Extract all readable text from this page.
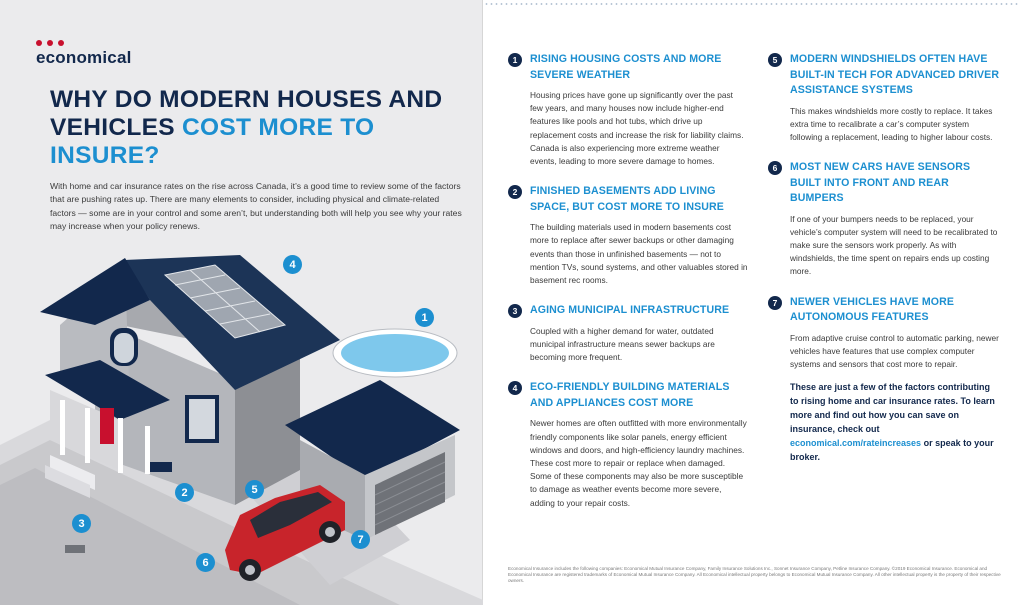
economical
WHY DO MODERN HOUSES AND VEHICLES COST MORE TO INSURE?

With home and car insurance rates on the rise across Canada, it’s a good time to review some of the factors that are pushing rates up. There are many elements to consider, including physical and climate-related factors — some are in your control and some aren’t, but understanding both will help you see why your rates may increase when your policy renews.

4
1
2	5
3
6
7
1	RISING HOUSING COSTS AND MORE SEVERE WEATHER
Housing prices have gone up significantly over the past few years, and many houses now include higher-end features like pools and hot tubs, which drive up replacement costs and increase the risk for liability claims. Canada is also experiencing more extreme weather events, leading to more severe damage to homes.
2	FINISHED BASEMENTS ADD LIVING SPACE, BUT COST MORE TO INSURE
The building materials used in modern basements cost more to replace after sewer backups or other damaging events than those in unfinished basements — not to mention TVs, sound systems, and other valuables stored in basement rec rooms.
3	AGING MUNICIPAL INFRASTRUCTURE
Coupled with a higher demand for water, outdated municipal infrastructure means sewer backups are becoming more frequent.
4	ECO-FRIENDLY BUILDING MATERIALS AND APPLIANCES COST MORE
Newer homes are often outfitted with more environmentally friendly components like solar panels, energy efficient windows and doors, and high-efficiency laundry machines. These cost more to repair or replace when damaged. Some of these components may also be more susceptible to damage as weather events become more severe, adding to your repair costs.
5	MODERN WINDSHIELDS OFTEN HAVE BUILT-IN TECH FOR ADVANCED DRIVER ASSISTANCE SYSTEMS
This makes windshields more costly to replace. It takes extra time to recalibrate a car’s computer system following a replacement, leading to higher labour costs.
6	MOST NEW CARS HAVE SENSORS BUILT INTO FRONT AND REAR BUMPERS
If one of your bumpers needs to be replaced, your vehicle’s computer system will need to be recalibrated to make sure the sensors work properly. As with windshields, the time spent on repairs ends up costing more.
7	NEWER VEHICLES HAVE MORE AUTONOMOUS FEATURES
From adaptive cruise control to automatic parking, newer vehicles have features that use complex computer systems and sensors that cost more to repair.

These are just a few of the factors contributing to rising home and car insurance rates. To learn more and find out how you can save on insurance, check out economical.com/rateincreases or speak to your broker.

Economical Insurance includes the following companies: Economical Mutual Insurance Company, Family Insurance Solutions Inc., Sonnet Insurance Company, Petline Insurance Company. ©2019 Economical Insurance. Economical and Economical Insurance are registered trademarks of Economical Mutual Insurance Company. All Economical intellectual property belongs to Economical Mutual Insurance Company. All other intellectual property is the property of their respective owners.
